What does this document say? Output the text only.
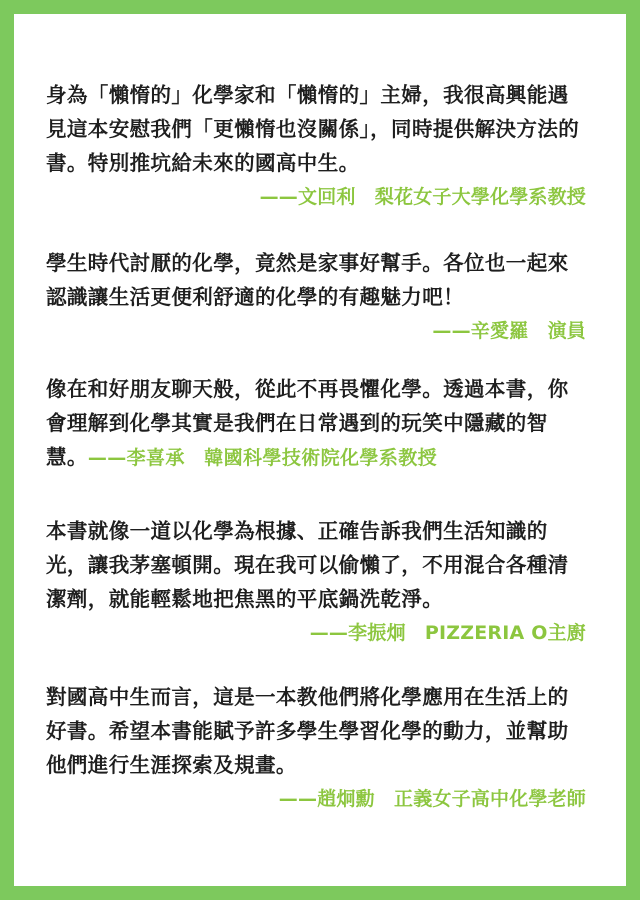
身為「懶惰的」化學家和「懶惰的」主婦，我很高興能遇見這本安慰我們「更懶惰也沒關係」，同時提供解決方法的書。特別推坑給未來的國高中生。

——文回利　梨花女子大學化學系教授

學生時代討厭的化學，竟然是家事好幫手。各位也一起來認識讓生活更便利舒適的化學的有趣魅力吧！

——辛愛羅　演員

像在和好朋友聊天般，從此不再畏懼化學。透過本書，你會理解到化學其實是我們在日常遇到的玩笑中隱藏的智慧。——李喜承　韓國科學技術院化學系教授

本書就像一道以化學為根據、正確告訴我們生活知識的光，讓我茅塞頓開。現在我可以偷懶了，不用混合各種清潔劑，就能輕鬆地把焦黑的平底鍋洗乾淨。

——李振炯　PIZZERIA O主廚

對國高中生而言，這是一本教他們將化學應用在生活上的好書。希望本書能賦予許多學生學習化學的動力，並幫助他們進行生涯探索及規畫。

——趙炯勳　正義女子高中化學老師
